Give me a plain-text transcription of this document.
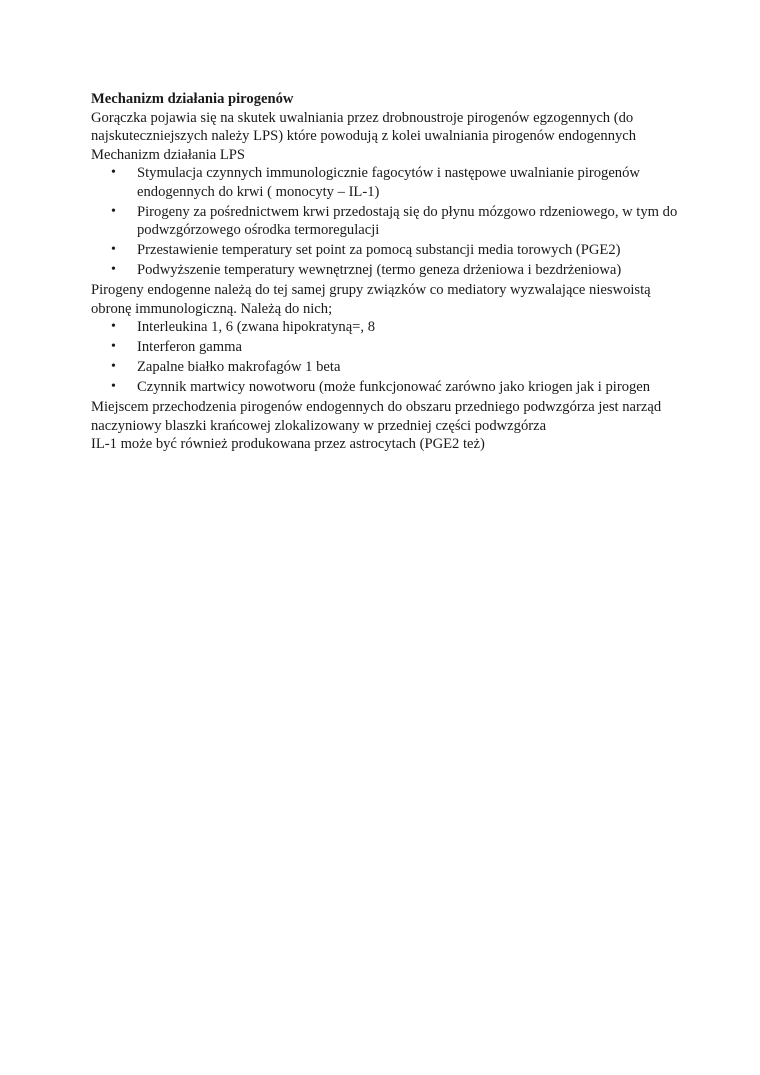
Mechanizm działania pirogenów

Gorączka pojawia się na skutek uwalniania przez drobnoustroje pirogenów egzogennych (do najskuteczniejszych należy LPS) które powodują z kolei uwalniania pirogenów endogennych

Mechanizm działania LPS

• Stymulacja czynnych immunologicznie fagocytów i następowe uwalnianie pirogenów endogennych do krwi ( monocyty – IL-1)
• Pirogeny za pośrednictwem krwi przedostają się do płynu mózgowo rdzeniowego, w tym do podwzgórzowego ośrodka termoregulacji
• Przestawienie temperatury set point za pomocą substancji media torowych (PGE2)
• Podwyższenie temperatury wewnętrznej (termo geneza drżeniowa i bezdrżeniowa)

Pirogeny endogenne należą do tej samej grupy związków co mediatory wyzwalające nieswoistą obronę immunologiczną. Należą do nich;

• Interleukina 1, 6 (zwana hipokratyną=, 8
• Interferon gamma
• Zapalne białko makrofagów 1 beta
• Czynnik martwicy nowotworu (może funkcjonować zarówno jako kriogen jak i pirogen

Miejscem przechodzenia pirogenów endogennych do obszaru przedniego podwzgórza jest narząd naczyniowy blaszki krańcowej zlokalizowany w przedniej części podwzgórza

IL-1 może być również produkowana przez astrocytach (PGE2 też)
